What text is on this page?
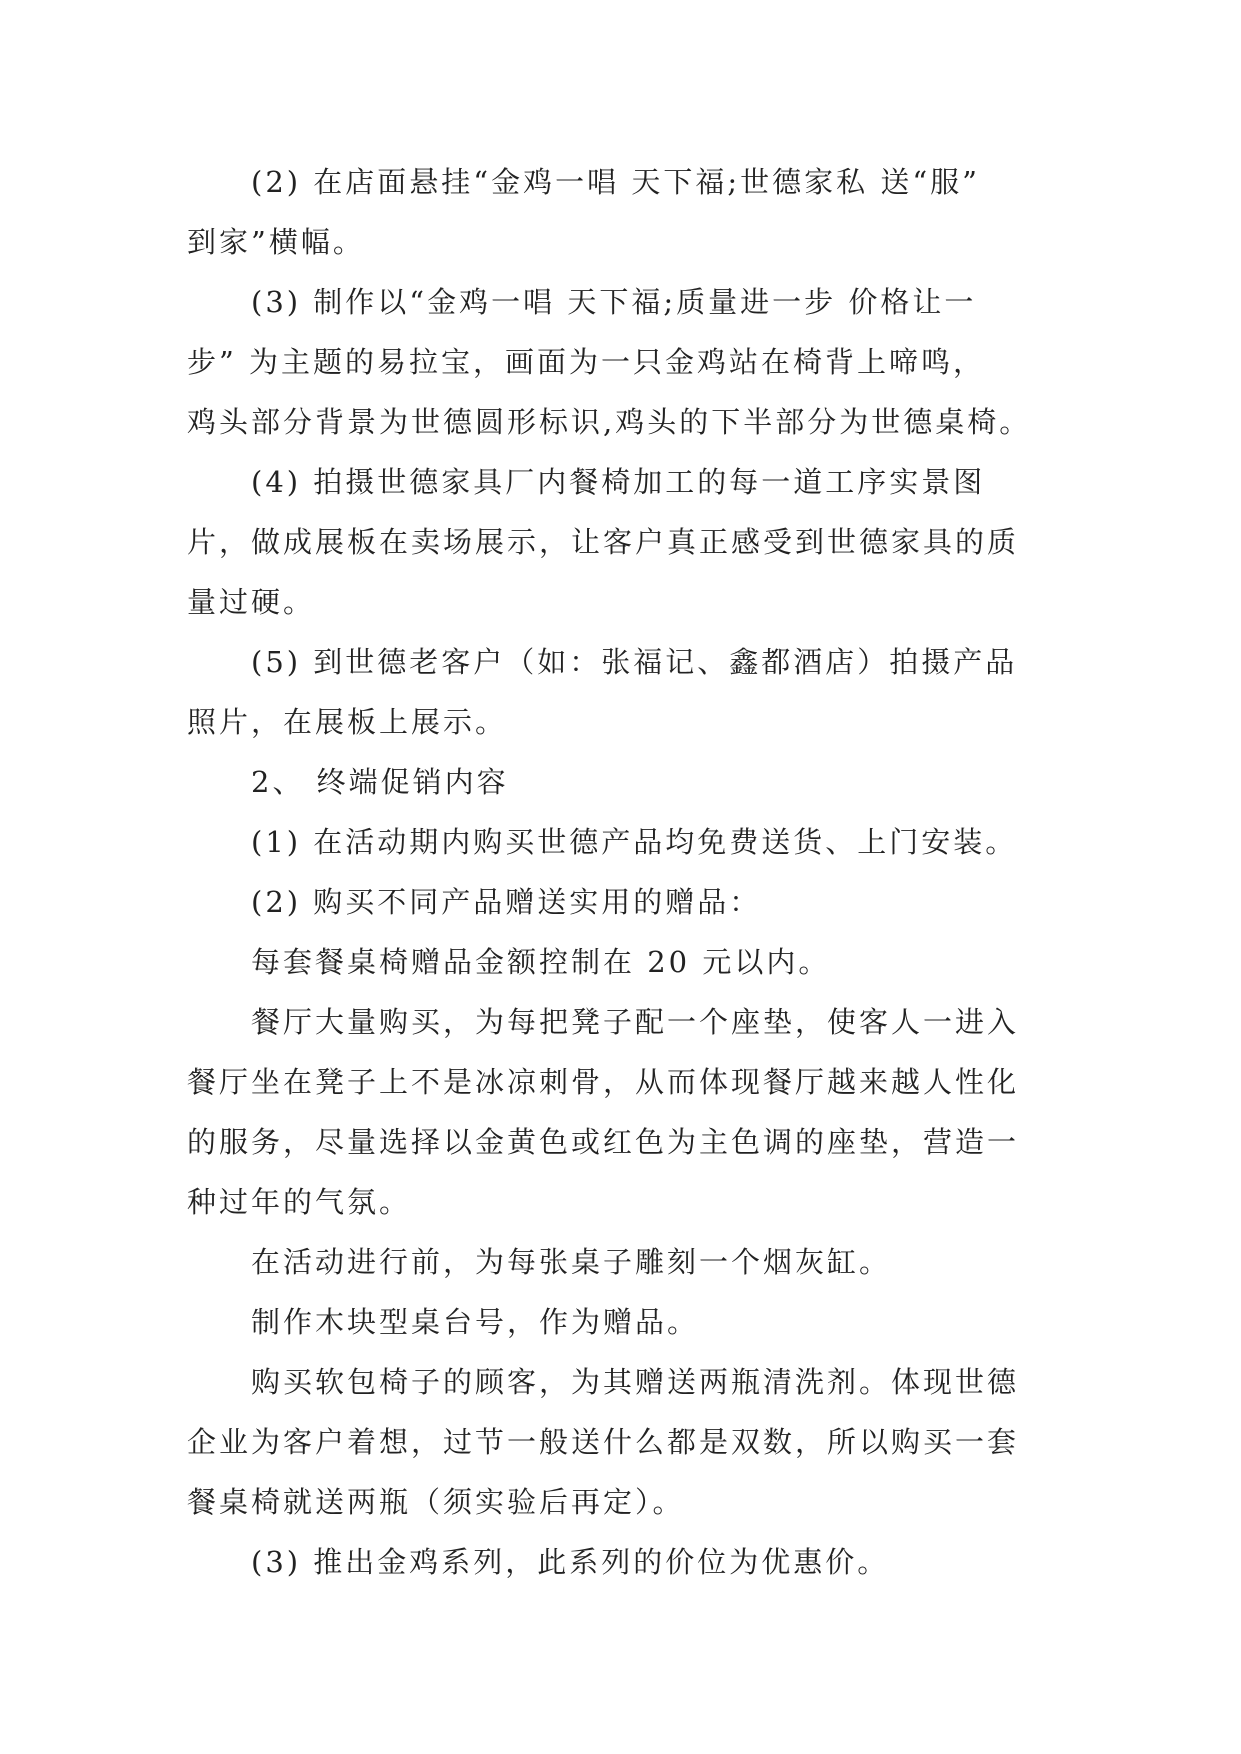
(2) 在店面悬挂“金鸡一唱 天下福;世德家私 送“服”
到家”横幅。
(3) 制作以“金鸡一唱 天下福;质量进一步 价格让一
步” 为主题的易拉宝，画面为一只金鸡站在椅背上啼鸣，
鸡头部分背景为世德圆形标识,鸡头的下半部分为世德桌椅。
(4) 拍摄世德家具厂内餐椅加工的每一道工序实景图
片，做成展板在卖场展示，让客户真正感受到世德家具的质
量过硬。
(5) 到世德老客户（如：张福记、鑫都酒店）拍摄产品
照片，在展板上展示。
2、 终端促销内容
(1) 在活动期内购买世德产品均免费送货、上门安装。
(2) 购买不同产品赠送实用的赠品：
每套餐桌椅赠品金额控制在 20 元以内。
餐厅大量购买，为每把凳子配一个座垫，使客人一进入
餐厅坐在凳子上不是冰凉刺骨，从而体现餐厅越来越人性化
的服务，尽量选择以金黄色或红色为主色调的座垫，营造一
种过年的气氛。
在活动进行前，为每张桌子雕刻一个烟灰缸。
制作木块型桌台号，作为赠品。
购买软包椅子的顾客，为其赠送两瓶清洗剂。体现世德
企业为客户着想，过节一般送什么都是双数，所以购买一套
餐桌椅就送两瓶（须实验后再定）。
(3) 推出金鸡系列，此系列的价位为优惠价。
